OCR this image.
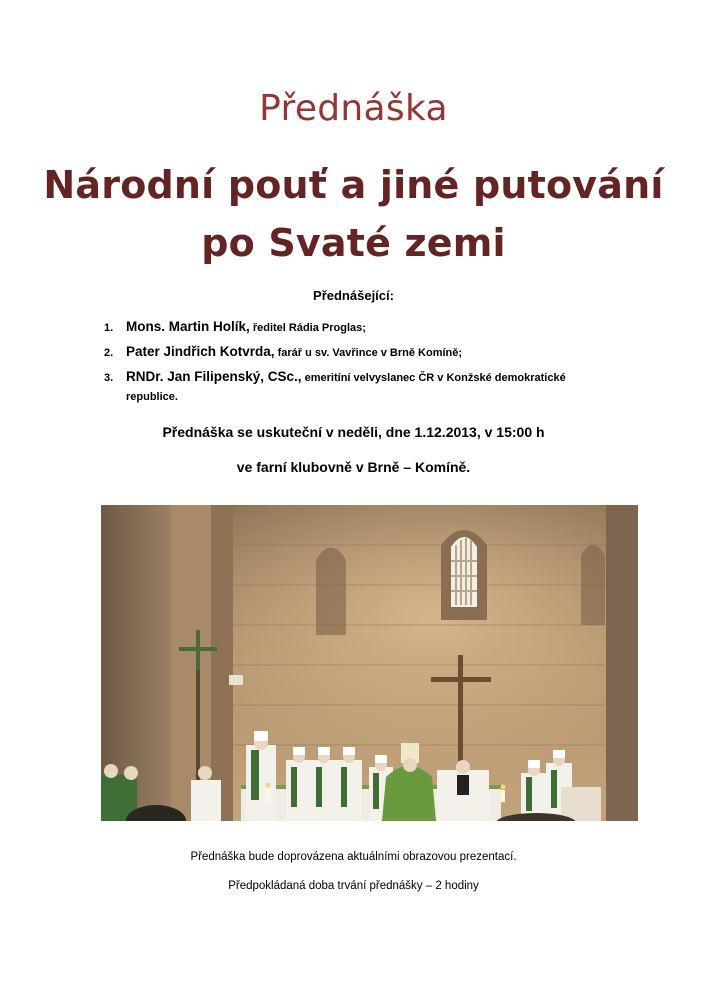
Přednáška
Národní pouť a jiné putování
po Svaté zemi
Přednášející:
1. Mons. Martin Holík, ředitel Rádia Proglas;
2. Pater Jindřich Kotvrda, farář u sv. Vavřince v Brně Komíně;
3. RNDr. Jan Filipenský, CSc., emeritíní velvyslanec ČR v Konžské demokratické republice.
Přednáška se uskuteční v neděli, dne 1.12.2013, v 15:00 h
ve farní klubovně v Brně – Komíně.
Přednáška bude doprovázena aktuálními obrazovou prezentací.
Předpokládaná doba trvání přednášky – 2 hodiny
